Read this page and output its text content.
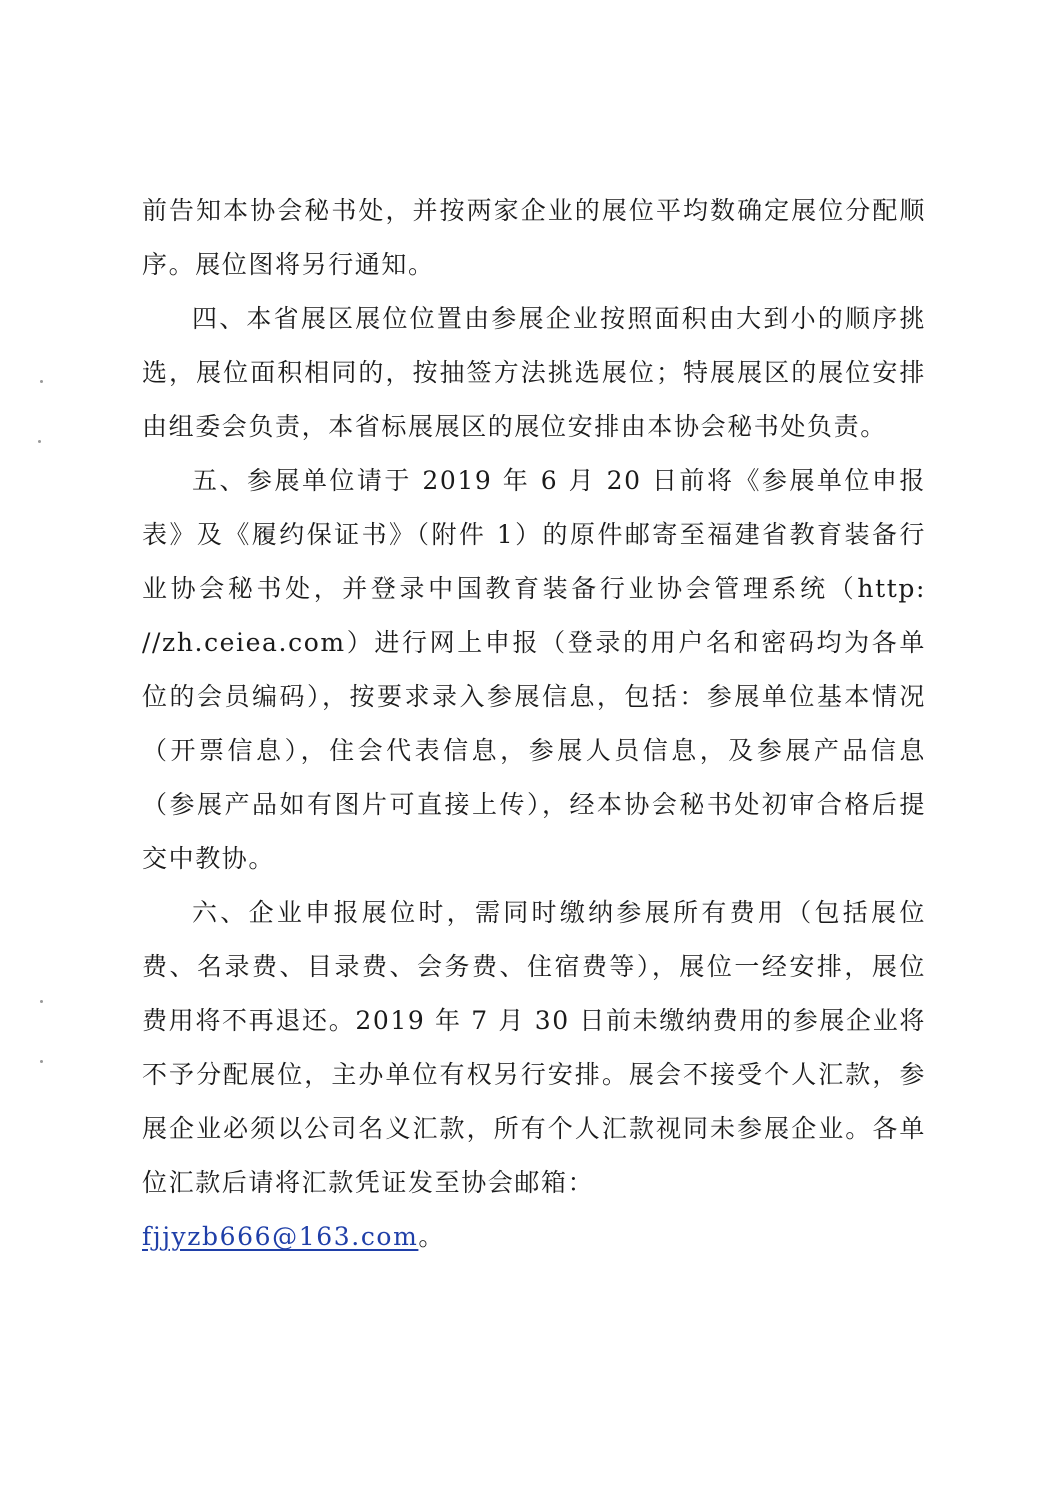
前告知本协会秘书处，并按两家企业的展位平均数确定展位分配顺序。展位图将另行通知。

四、本省展区展位位置由参展企业按照面积由大到小的顺序挑选，展位面积相同的，按抽签方法挑选展位；特展展区的展位安排由组委会负责，本省标展展区的展位安排由本协会秘书处负责。

五、参展单位请于 2019 年 6 月 20 日前将《参展单位申报表》及《履约保证书》（附件 1）的原件邮寄至福建省教育装备行业协会秘书处，并登录中国教育装备行业协会管理系统（http: //zh.ceiea.com）进行网上申报（登录的用户名和密码均为各单位的会员编码），按要求录入参展信息，包括：参展单位基本情况（开票信息），住会代表信息，参展人员信息，及参展产品信息（参展产品如有图片可直接上传），经本协会秘书处初审合格后提交中教协。

六、企业申报展位时，需同时缴纳参展所有费用（包括展位费、名录费、目录费、会务费、住宿费等），展位一经安排，展位费用将不再退还。2019 年 7 月 30 日前未缴纳费用的参展企业将不予分配展位，主办单位有权另行安排。展会不接受个人汇款，参展企业必须以公司名义汇款，所有个人汇款视同未参展企业。各单位汇款后请将汇款凭证发至协会邮箱：

fjjyzb666@163.com。
